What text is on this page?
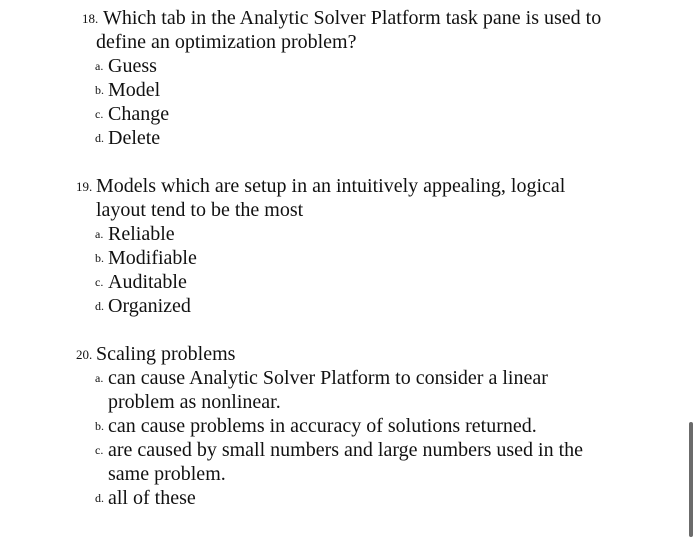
18. Which tab in the Analytic Solver Platform task pane is used to
define an optimization problem?
a. Guess
b. Model
c. Change
d. Delete
19. Models which are setup in an intuitively appealing, logical
layout tend to be the most
a. Reliable
b. Modifiable
c. Auditable
d. Organized
20. Scaling problems
a. can cause Analytic Solver Platform to consider a linear
problem as nonlinear.
b. can cause problems in accuracy of solutions returned.
c. are caused by small numbers and large numbers used in the
same problem.
d. all of these
